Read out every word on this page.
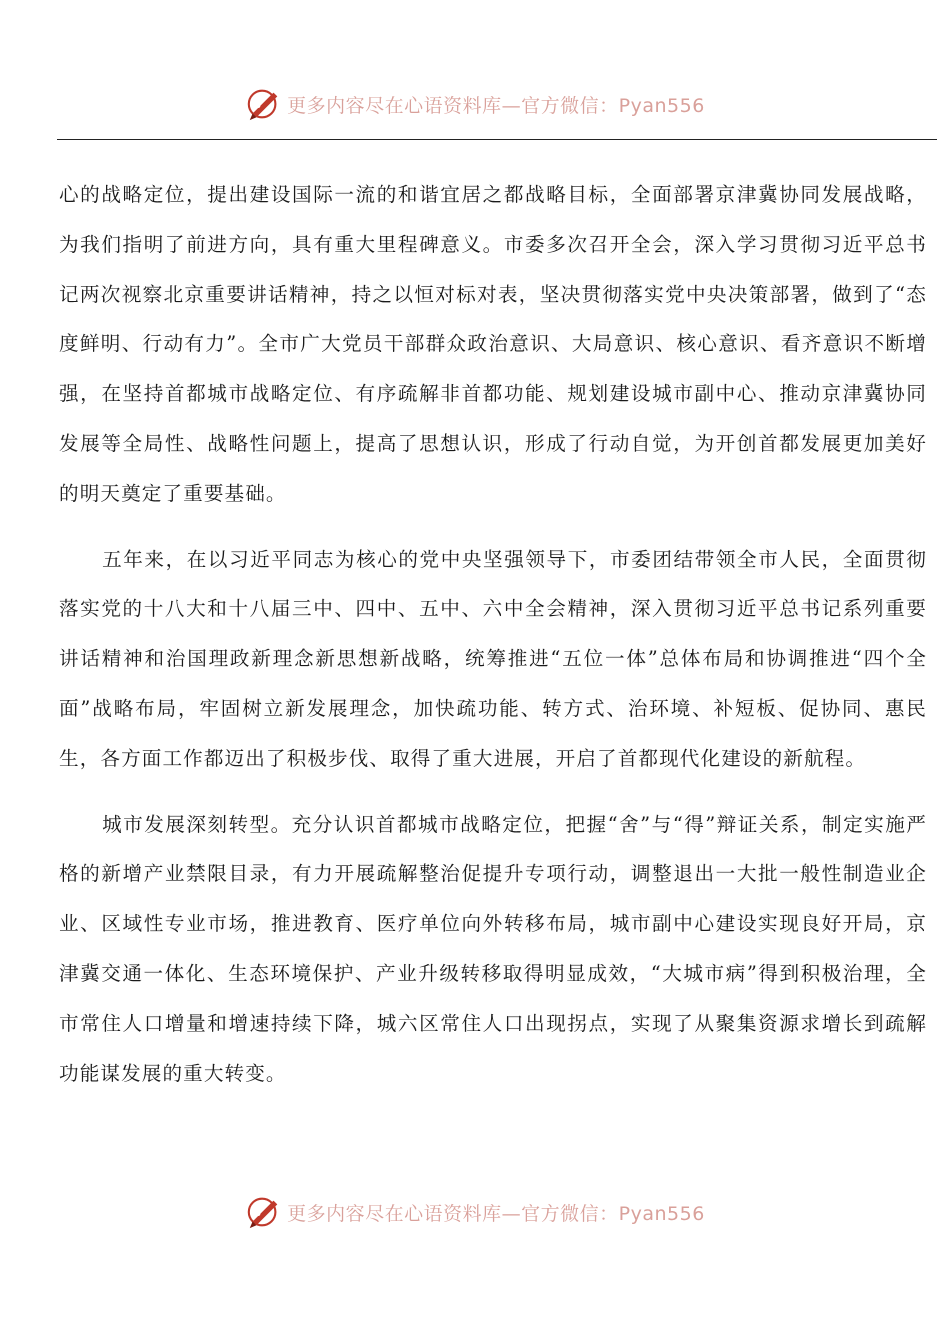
更多内容尽在心语资料库—官方微信：Pyan556

心的战略定位，提出建设国际一流的和谐宜居之都战略目标，全面部署京津冀协同发展战略，为我们指明了前进方向，具有重大里程碑意义。市委多次召开全会，深入学习贯彻习近平总书记两次视察北京重要讲话精神，持之以恒对标对表，坚决贯彻落实党中央决策部署，做到了“态度鲜明、行动有力”。全市广大党员干部群众政治意识、大局意识、核心意识、看齐意识不断增强，在坚持首都城市战略定位、有序疏解非首都功能、规划建设城市副中心、推动京津冀协同发展等全局性、战略性问题上，提高了思想认识，形成了行动自觉，为开创首都发展更加美好的明天奠定了重要基础。

五年来，在以习近平同志为核心的党中央坚强领导下，市委团结带领全市人民，全面贯彻落实党的十八大和十八届三中、四中、五中、六中全会精神，深入贯彻习近平总书记系列重要讲话精神和治国理政新理念新思想新战略，统筹推进“五位一体”总体布局和协调推进“四个全面”战略布局，牢固树立新发展理念，加快疏功能、转方式、治环境、补短板、促协同、惠民生，各方面工作都迈出了积极步伐、取得了重大进展，开启了首都现代化建设的新航程。

城市发展深刻转型。充分认识首都城市战略定位，把握“舍”与“得”辩证关系，制定实施严格的新增产业禁限目录，有力开展疏解整治促提升专项行动，调整退出一大批一般性制造业企业、区域性专业市场，推进教育、医疗单位向外转移布局，城市副中心建设实现良好开局，京津冀交通一体化、生态环境保护、产业升级转移取得明显成效，“大城市病”得到积极治理，全市常住人口增量和增速持续下降，城六区常住人口出现拐点，实现了从聚集资源求增长到疏解功能谋发展的重大转变。

更多内容尽在心语资料库—官方微信：Pyan556
